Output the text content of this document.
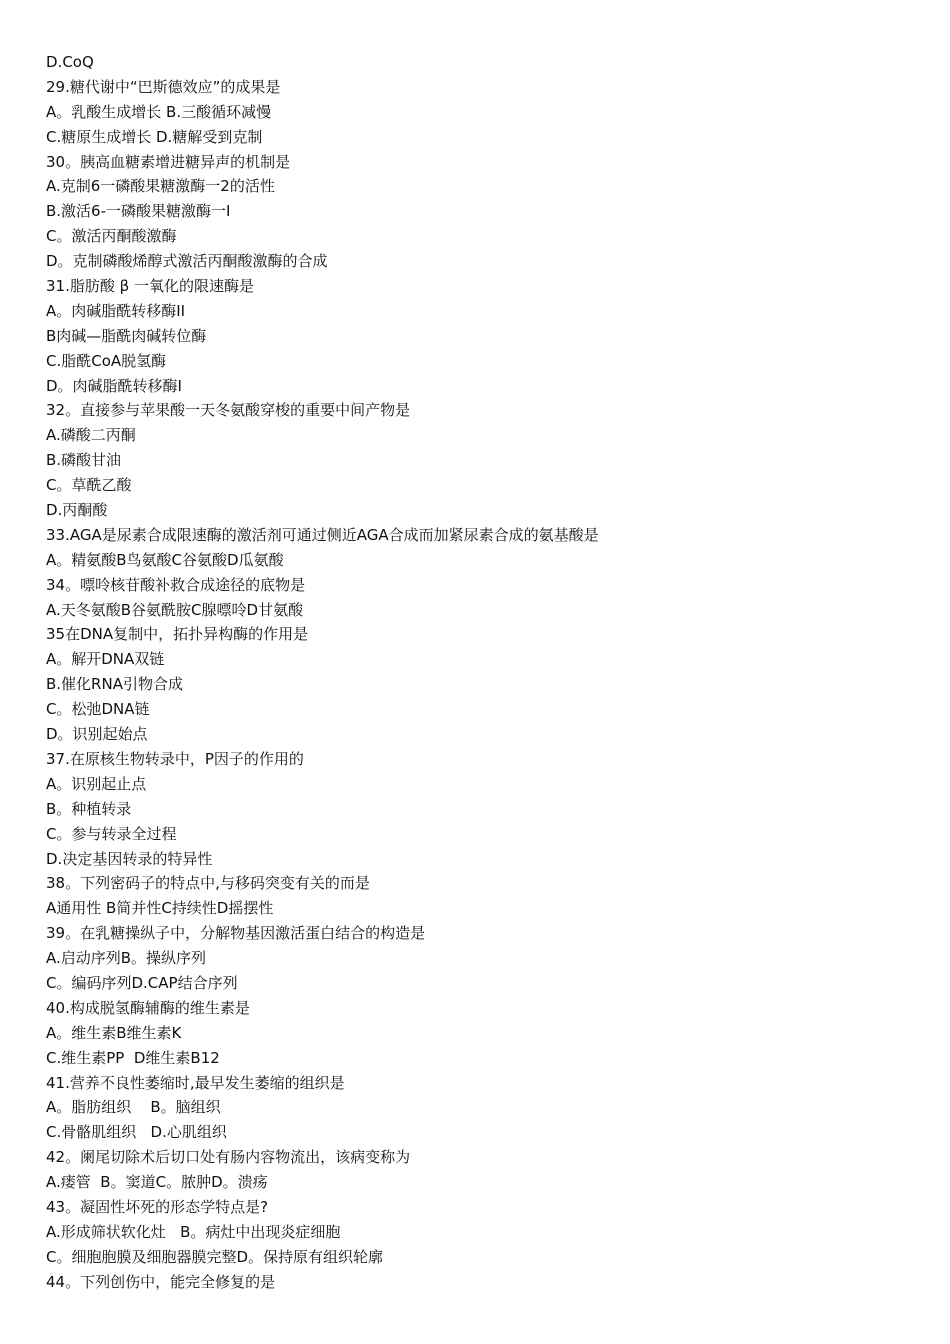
D.CoQ
29.糖代谢中“巴斯德效应”的成果是
A。乳酸生成增长 B.三酸循环减慢
C.糖原生成增长 D.糖解受到克制
30。胰高血糖素增进糖异声的机制是
A.克制6一磷酸果糖激酶一2的活性
B.激活6-一磷酸果糖激酶一I
C。激活丙酮酸激酶
D。克制磷酸烯醇式激活丙酮酸激酶的合成
31.脂肪酸 β 一氧化的限速酶是
A。肉碱脂酰转移酶II
B肉碱—脂酰肉碱转位酶
C.脂酰CoA脱氢酶
D。肉碱脂酰转移酶I
32。直接参与苹果酸一天冬氨酸穿梭的重要中间产物是
A.磷酸二丙酮
B.磷酸甘油
C。草酰乙酸
D.丙酮酸
33.AGA是尿素合成限速酶的激活剂可通过侧近AGA合成而加紧尿素合成的氨基酸是
A。精氨酸B鸟氨酸C谷氨酸D瓜氨酸
34。嘌呤核苷酸补救合成途径的底物是
A.天冬氨酸B谷氨酰胺C腺嘌呤D甘氨酸
35在DNA复制中，拓扑异构酶的作用是
A。解开DNA双链
B.催化RNA引物合成
C。松弛DNA链
D。识别起始点
37.在原核生物转录中，P因子的作用的
A。识别起止点
B。种植转录
C。参与转录全过程
D.决定基因转录的特异性
38。下列密码子的特点中,与移码突变有关的而是
A通用性 B简并性C持续性D摇摆性
39。在乳糖操纵子中，分解物基因激活蛋白结合的构造是
A.启动序列B。操纵序列
C。编码序列D.CAP结合序列
40.构成脱氢酶辅酶的维生素是
A。维生素B维生素K
C.维生素PP  D维生素B12
41.营养不良性萎缩时,最早发生萎缩的组织是
A。脂肪组织    B。脑组织
C.骨骼肌组织   D.心肌组织
42。阑尾切除术后切口处有肠内容物流出，该病变称为
A.瘘管  B。窦道C。脓肿D。溃疡
43。凝固性坏死的形态学特点是?
A.形成筛状软化灶   B。病灶中出现炎症细胞
C。细胞胞膜及细胞器膜完整D。保持原有组织轮廓
44。下列创伤中，能完全修复的是
